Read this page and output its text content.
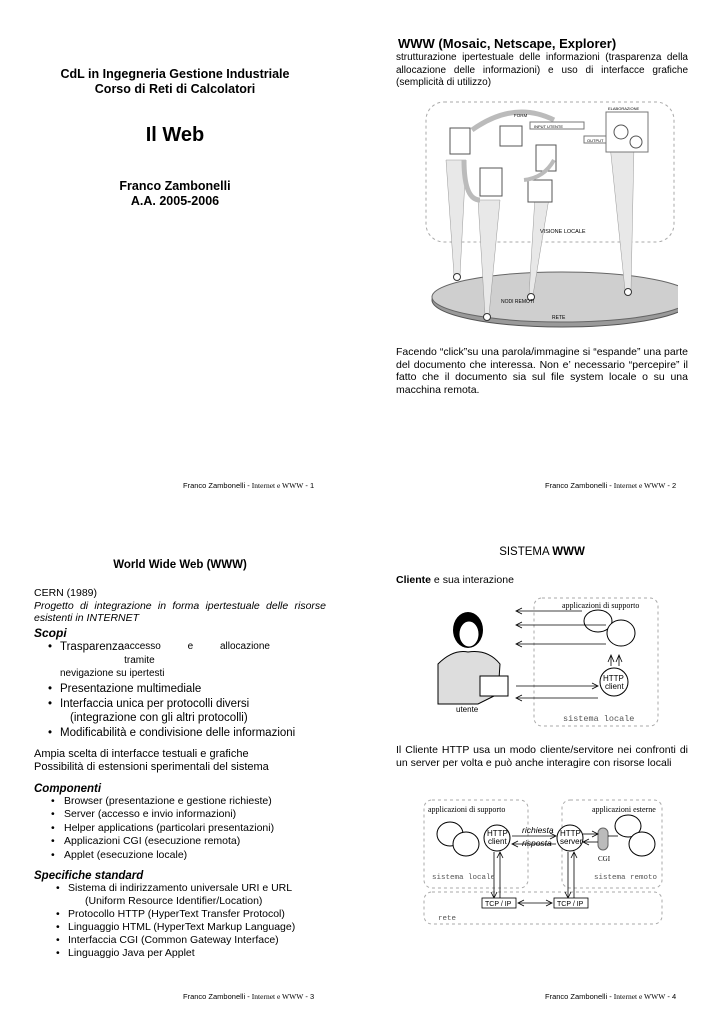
CdL in Ingegneria Gestione Industriale
Corso di Reti di Calcolatori
Il Web
Franco Zambonelli
A.A. 2005-2006
Franco Zambonelli - Internet e WWW - 1
WWW (Mosaic, Netscape, Explorer)
strutturazione ipertestuale delle informazioni (trasparenza della allocazione delle informazioni) e uso di interfacce grafiche (semplicità di utilizzo)
FORM
ELABORAZIONE
INPUT UTENTE
OUTPUT
VISIONE LOCALE
NODI REMOTI
RETE
Facendo “click”su una parola/immagine si “espande” una parte del documento che interessa. Non e’ necessario “percepire” il fatto che il documento sia sul file system locale o su una macchina remota.
Franco Zambonelli - Internet e WWW - 2
World Wide Web (WWW)
CERN (1989)
Progetto di integrazione in forma ipertestuale delle risorse esistenti in INTERNET
Scopi
• Trasparenza accesso e allocazione tramite
nevigazione su ipertesti
• Presentazione multimediale
• Interfaccia unica per protocolli diversi
(integrazione con gli altri protocolli)
• Modificabilità e condivisione delle informazioni
Ampia scelta di interfacce testuali e grafiche
Possibilità di estensioni sperimentali del sistema
Componenti
• Browser (presentazione e gestione richieste)
• Server (accesso e invio informazioni)
• Helper applications (particolari presentazioni)
• Applicazioni CGI (esecuzione remota)
• Applet (esecuzione locale)
Specifiche standard
• Sistema di indirizzamento universale URI e URL
(Uniform Resource Identifier/Location)
• Protocollo HTTP (HyperText Transfer Protocol)
• Linguaggio HTML (HyperText Markup Language)
• Interfaccia CGI (Common Gateway Interface)
• Linguaggio Java per Applet
Franco Zambonelli - Internet e WWW - 3
SISTEMA WWW
Cliente e sua interazione
applicazioni di supporto
HTTP
client
sistema locale
utente
Il Cliente HTTP usa un modo cliente/servitore nei confronti di un server per volta e può anche interagire con risorse locali
applicazioni di supporto	applicazioni esterne
HTTP
client
HTTP
server
CGI
richiesta
risposta
TCP / IP	TCP / IP
sistema locale	sistema remoto
rete
Franco Zambonelli - Internet e WWW - 4
